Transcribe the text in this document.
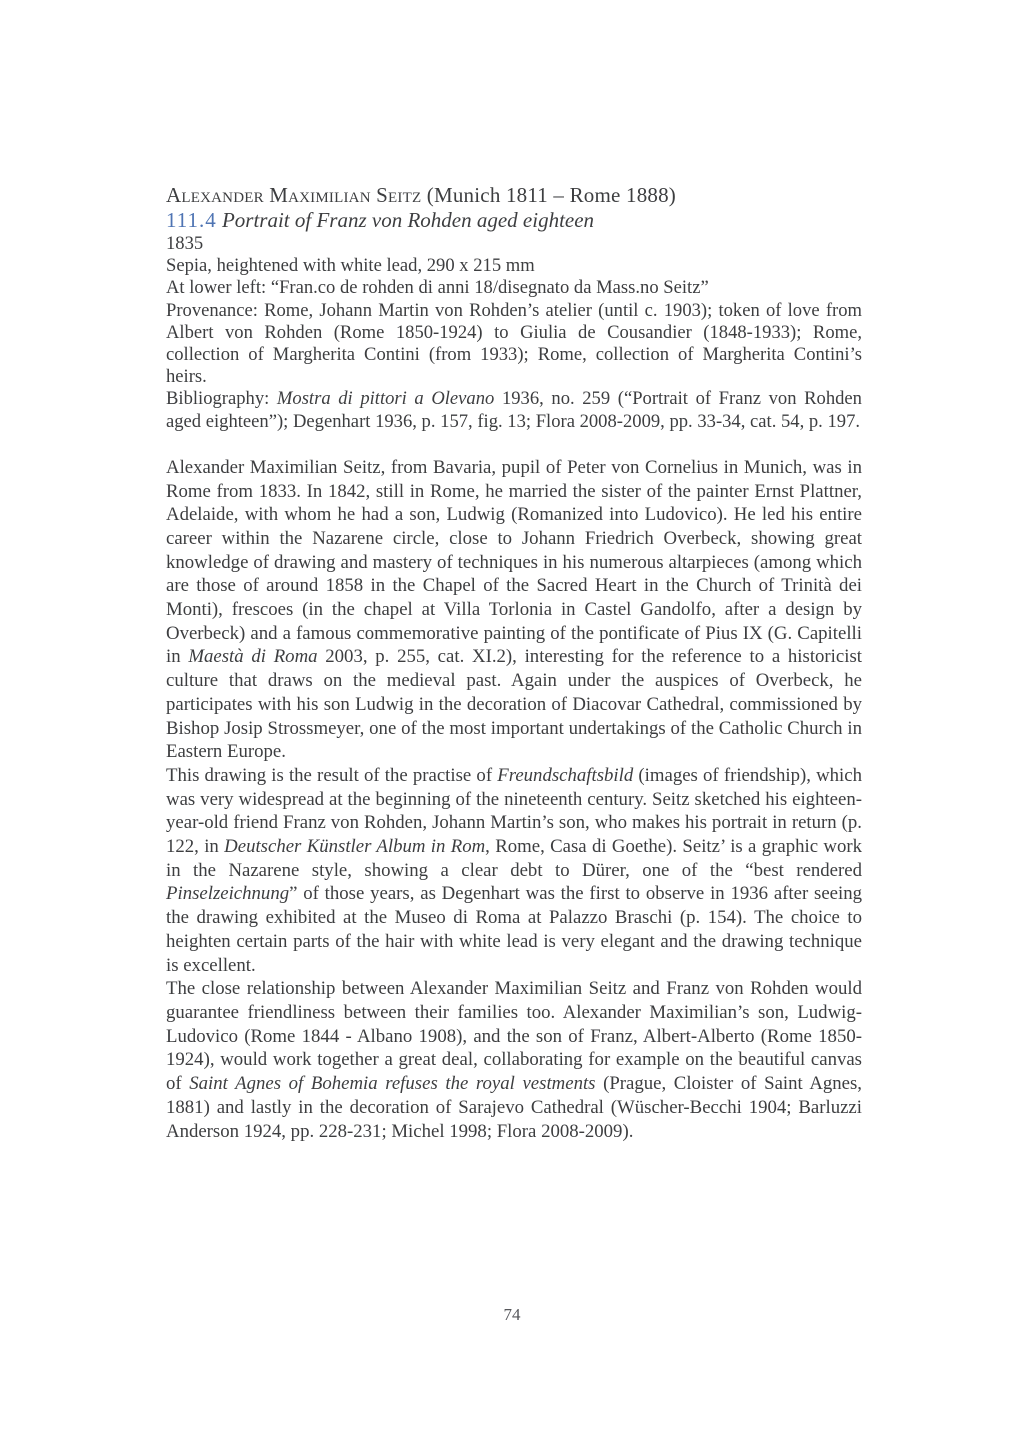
Alexander Maximilian Seitz (Munich 1811 – Rome 1888)
111.4 Portrait of Franz von Rohden aged eighteen
1835
Sepia, heightened with white lead, 290 x 215 mm
At lower left: “Fran.co de rohden di anni 18/disegnato da Mass.no Seitz”
Provenance: Rome, Johann Martin von Rohden’s atelier (until c. 1903); token of love from Albert von Rohden (Rome 1850-1924) to Giulia de Cousandier (1848-1933); Rome, collection of Margherita Contini (from 1933); Rome, collection of Margherita Contini’s heirs.
Bibliography: Mostra di pittori a Olevano 1936, no. 259 (“Portrait of Franz von Rohden aged eighteen”); Degenhart 1936, p. 157, fig. 13; Flora 2008-2009, pp. 33-34, cat. 54, p. 197.
Alexander Maximilian Seitz, from Bavaria, pupil of Peter von Cornelius in Munich, was in Rome from 1833. In 1842, still in Rome, he married the sister of the painter Ernst Plattner, Adelaide, with whom he had a son, Ludwig (Romanized into Ludovico). He led his entire career within the Nazarene circle, close to Johann Friedrich Overbeck, showing great knowledge of drawing and mastery of techniques in his numerous altarpieces (among which are those of around 1858 in the Chapel of the Sacred Heart in the Church of Trinità dei Monti), frescoes (in the chapel at Villa Torlonia in Castel Gandolfo, after a design by Overbeck) and a famous commemorative painting of the pontificate of Pius IX (G. Capitelli in Maestà di Roma 2003, p. 255, cat. XI.2), interesting for the reference to a historicist culture that draws on the medieval past. Again under the auspices of Overbeck, he participates with his son Ludwig in the decoration of Diacovar Cathedral, commissioned by Bishop Josip Strossmeyer, one of the most important undertakings of the Catholic Church in Eastern Europe.
This drawing is the result of the practise of Freundschaftsbild (images of friendship), which was very widespread at the beginning of the nineteenth century. Seitz sketched his eighteen-year-old friend Franz von Rohden, Johann Martin’s son, who makes his portrait in return (p. 122, in Deutscher Künstler Album in Rom, Rome, Casa di Goethe). Seitz’ is a graphic work in the Nazarene style, showing a clear debt to Dürer, one of the “best rendered Pinselzeichnung” of those years, as Degenhart was the first to observe in 1936 after seeing the drawing exhibited at the Museo di Roma at Palazzo Braschi (p. 154). The choice to heighten certain parts of the hair with white lead is very elegant and the drawing technique is excellent.
The close relationship between Alexander Maximilian Seitz and Franz von Rohden would guarantee friendliness between their families too. Alexander Maximilian’s son, Ludwig-Ludovico (Rome 1844 - Albano 1908), and the son of Franz, Albert-Alberto (Rome 1850-1924), would work together a great deal, collaborating for example on the beautiful canvas of Saint Agnes of Bohemia refuses the royal vestments (Prague, Cloister of Saint Agnes, 1881) and lastly in the decoration of Sarajevo Cathedral (Wüscher-Becchi 1904; Barluzzi Anderson 1924, pp. 228-231; Michel 1998; Flora 2008-2009).
74
